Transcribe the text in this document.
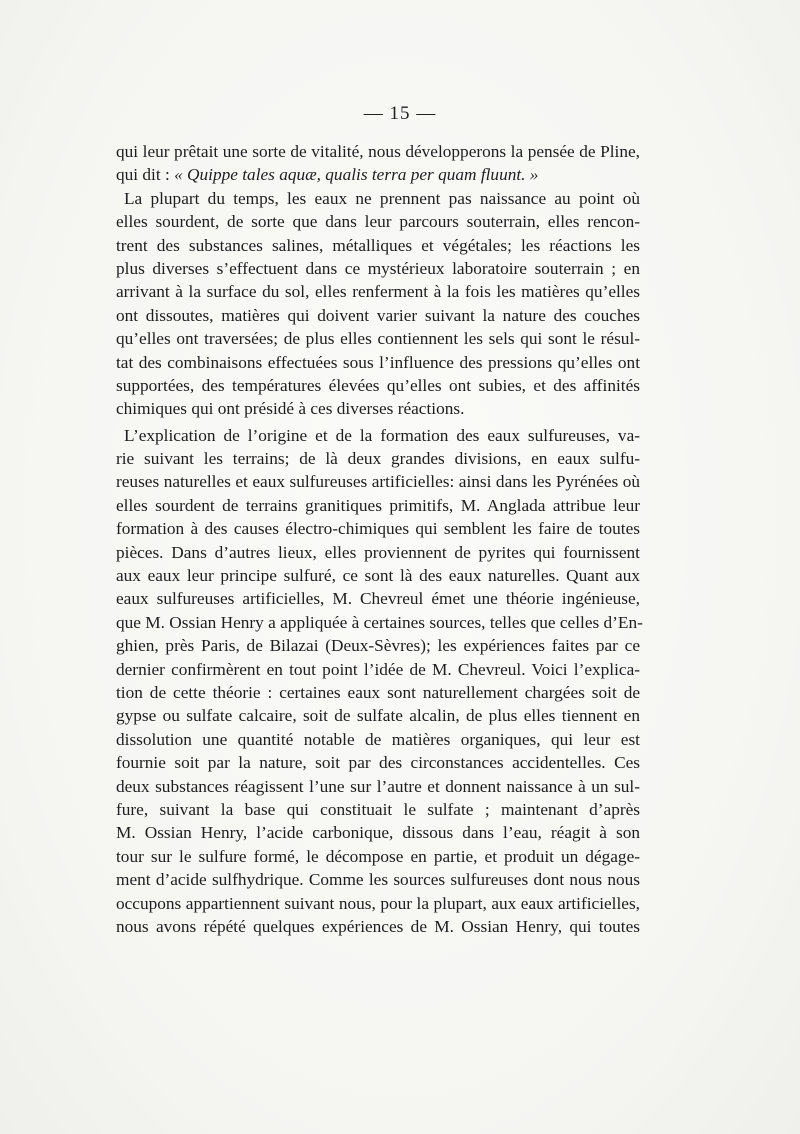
— 15 —
qui leur prêtait une sorte de vitalité, nous développerons la pensée de Pline,
qui dit : « Quippe tales aquæ, qualis terra per quam fluunt. »
La plupart du temps, les eaux ne prennent pas naissance au point où
elles sourdent, de sorte que dans leur parcours souterrain, elles rencon-
trent des substances salines, métalliques et végétales; les réactions les
plus diverses s’effectuent dans ce mystérieux laboratoire souterrain ; en
arrivant à la surface du sol, elles renferment à la fois les matières qu’elles
ont dissoutes, matières qui doivent varier suivant la nature des couches
qu’elles ont traversées; de plus elles contiennent les sels qui sont le résul-
tat des combinaisons effectuées sous l’influence des pressions qu’elles ont
supportées, des températures élevées qu’elles ont subies, et des affinités
chimiques qui ont présidé à ces diverses réactions.
L’explication de l’origine et de la formation des eaux sulfureuses, va-
rie suivant les terrains; de là deux grandes divisions, en eaux sulfu-
reuses naturelles et eaux sulfureuses artificielles: ainsi dans les Pyrénées où
elles sourdent de terrains granitiques primitifs, M. Anglada attribue leur
formation à des causes électro-chimiques qui semblent les faire de toutes
pièces. Dans d’autres lieux, elles proviennent de pyrites qui fournissent
aux eaux leur principe sulfuré, ce sont là des eaux naturelles. Quant aux
eaux sulfureuses artificielles, M. Chevreul émet une théorie ingénieuse,
que M. Ossian Henry a appliquée à certaines sources, telles que celles d’En-
ghien, près Paris, de Bilazai (Deux-Sèvres); les expériences faites par ce
dernier confirmèrent en tout point l’idée de M. Chevreul. Voici l’explica-
tion de cette théorie : certaines eaux sont naturellement chargées soit de
gypse ou sulfate calcaire, soit de sulfate alcalin, de plus elles tiennent en
dissolution une quantité notable de matières organiques, qui leur est
fournie soit par la nature, soit par des circonstances accidentelles. Ces
deux substances réagissent l’une sur l’autre et donnent naissance à un sul-
fure, suivant la base qui constituait le sulfate ; maintenant d’après
M. Ossian Henry, l’acide carbonique, dissous dans l’eau, réagit à son
tour sur le sulfure formé, le décompose en partie, et produit un dégage-
ment d’acide sulfhydrique. Comme les sources sulfureuses dont nous nous
occupons appartiennent suivant nous, pour la plupart, aux eaux artificielles,
nous avons répété quelques expériences de M. Ossian Henry, qui toutes
